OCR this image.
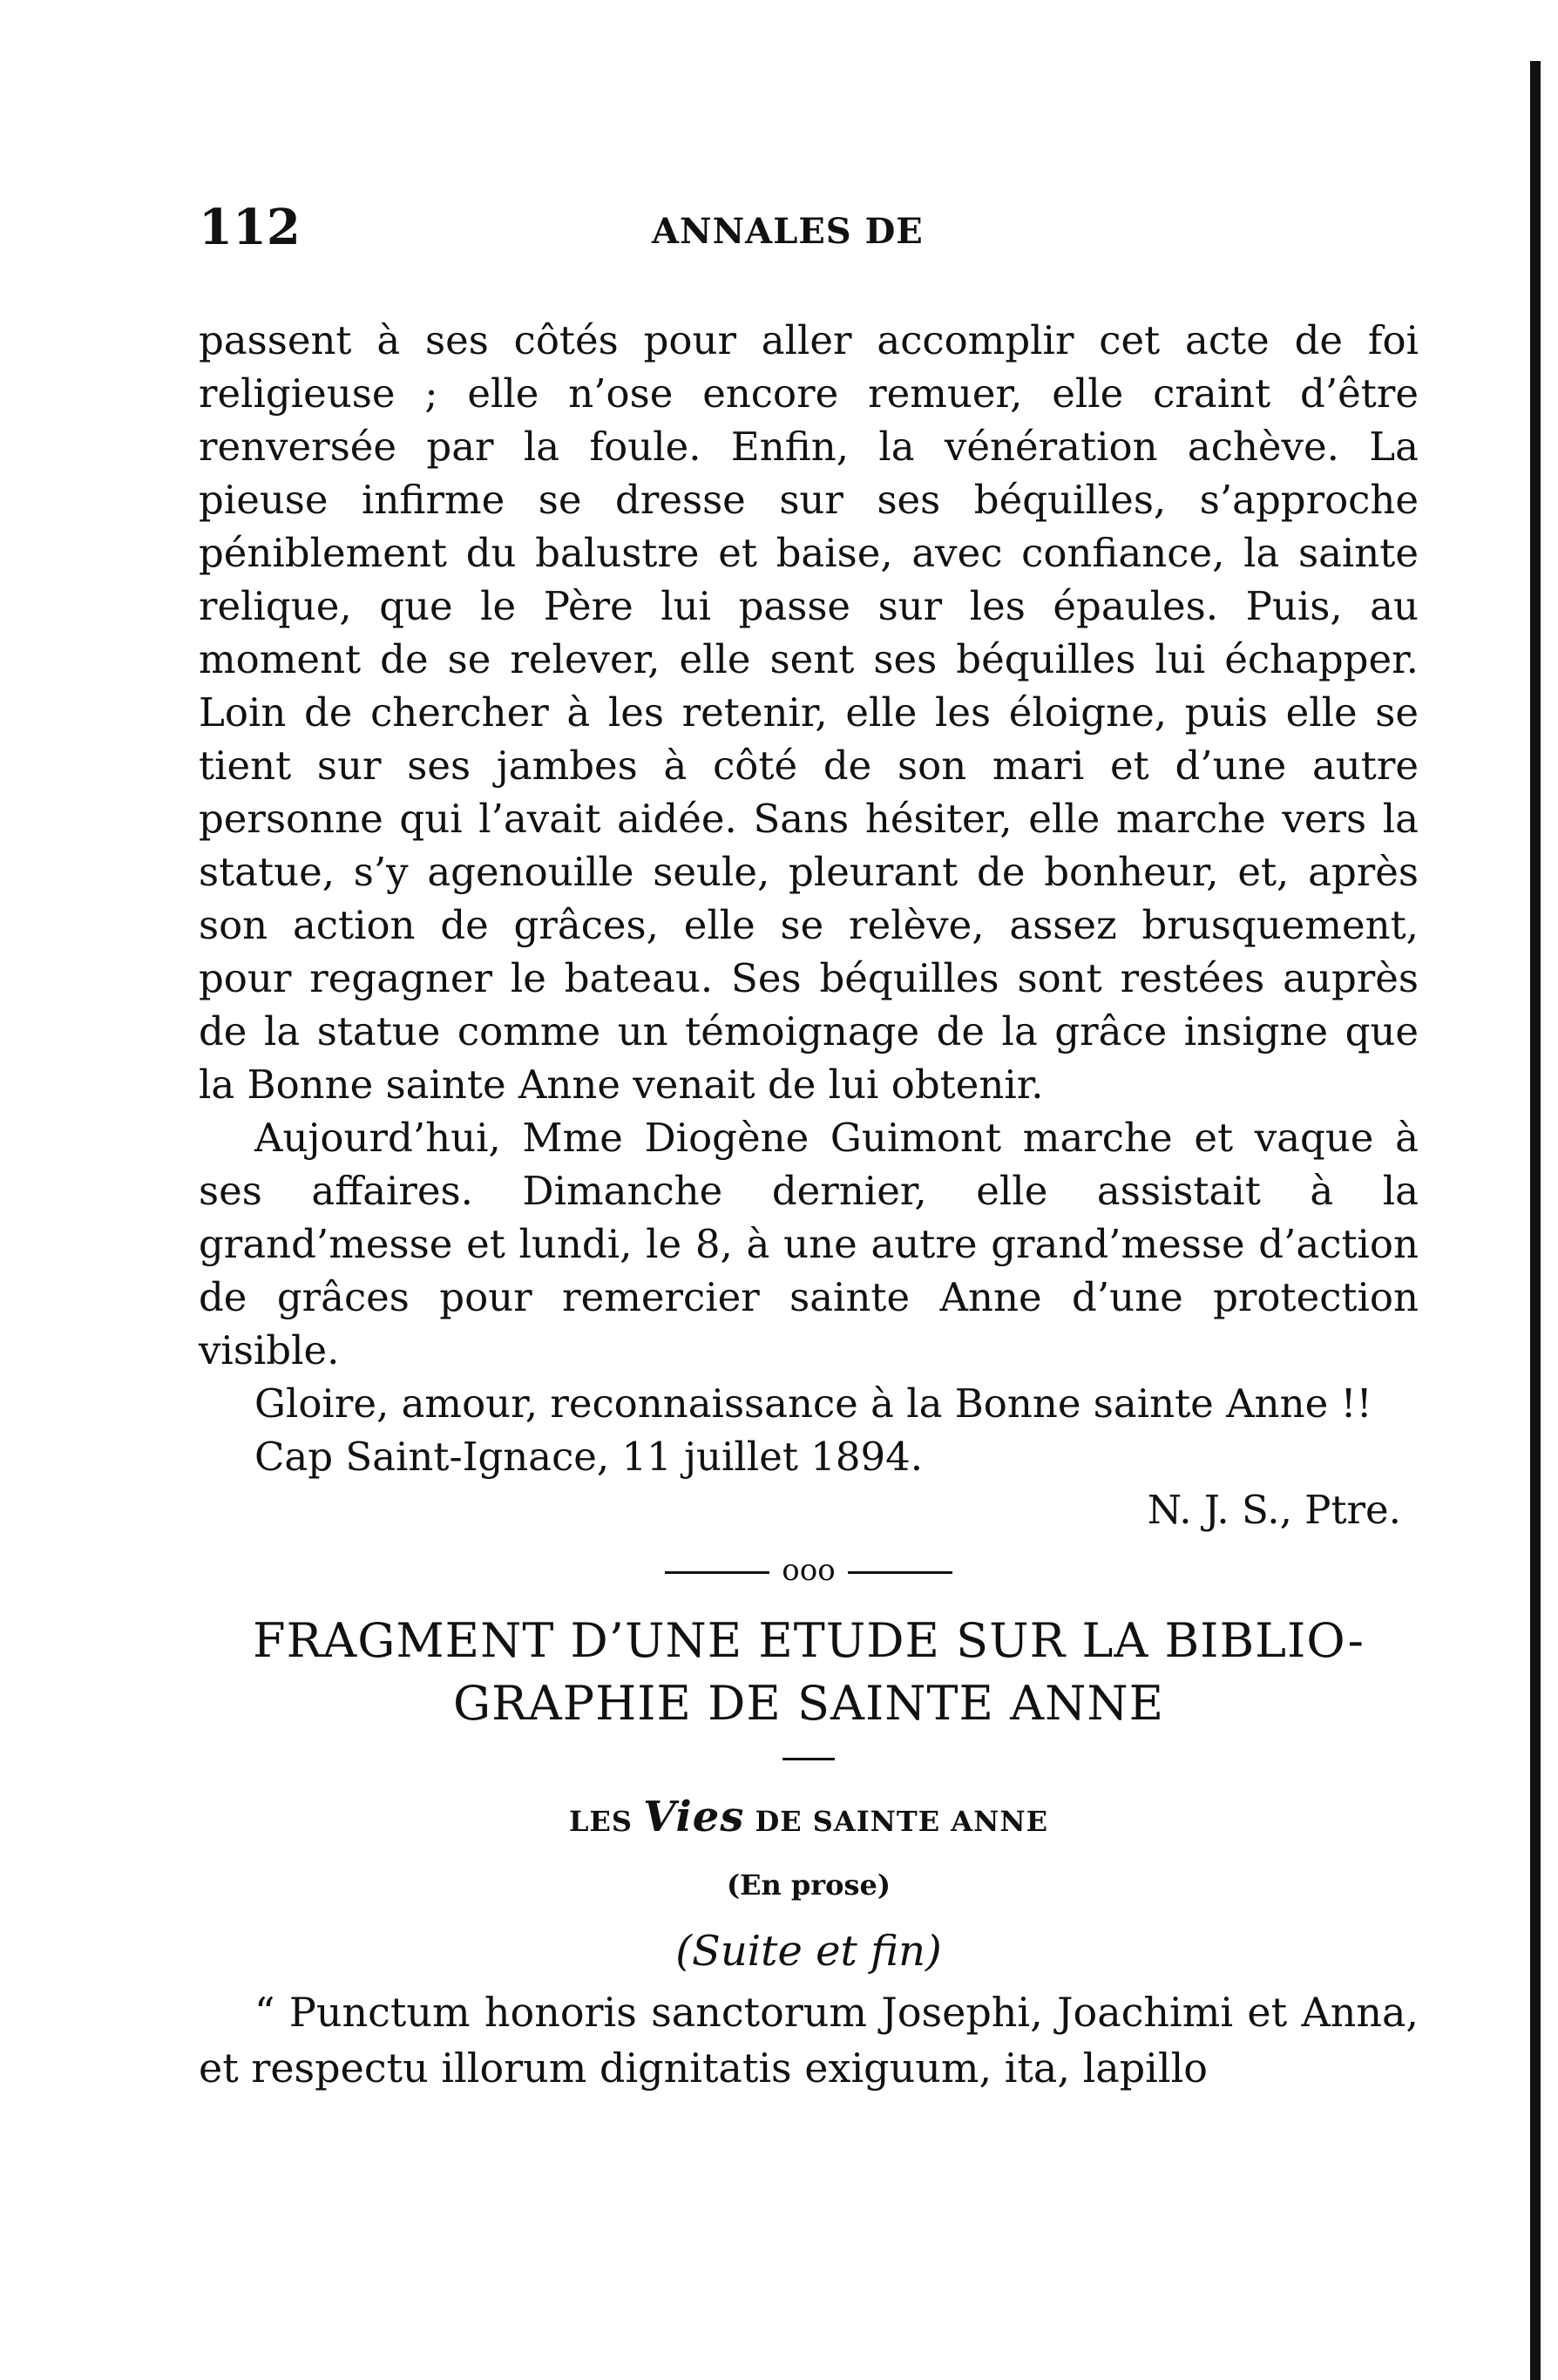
112	ANNALES DE

passent à ses côtés pour aller accomplir cet acte de foi religieuse ; elle n’ose encore remuer, elle craint d’être renversée par la foule. Enfin, la vénération achève. La pieuse infirme se dresse sur ses béquilles, s’approche péniblement du balustre et baise, avec confiance, la sainte relique, que le Père lui passe sur les épaules. Puis, au moment de se relever, elle sent ses béquilles lui échapper. Loin de chercher à les retenir, elle les éloigne, puis elle se tient sur ses jambes à côté de son mari et d’une autre personne qui l’avait aidée. Sans hésiter, elle marche vers la statue, s’y agenouille seule, pleurant de bonheur, et, après son action de grâces, elle se relève, assez brusquement, pour regagner le bateau. Ses béquilles sont restées auprès de la statue comme un témoignage de la grâce insigne que la Bonne sainte Anne venait de lui obtenir.

Aujourd’hui, Mme Diogène Guimont marche et vaque à ses affaires. Dimanche dernier, elle assistait à la grand’messe et lundi, le 8, à une autre grand’messe d’action de grâces pour remercier sainte Anne d’une protection visible.

Gloire, amour, reconnaissance à la Bonne sainte Anne !!

Cap Saint-Ignace, 11 juillet 1894.

N. J. S., Ptre.

ooo
FRAGMENT D’UNE ETUDE SUR LA BIBLIO-
GRAPHIE DE SAINTE ANNE
LES Vies DE SAINTE ANNE
(En prose)
(Suite et fin)

“ Punctum honoris sanctorum Josephi, Joachimi et Anna, et respectu illorum dignitatis exiguum, ita, lapillo
